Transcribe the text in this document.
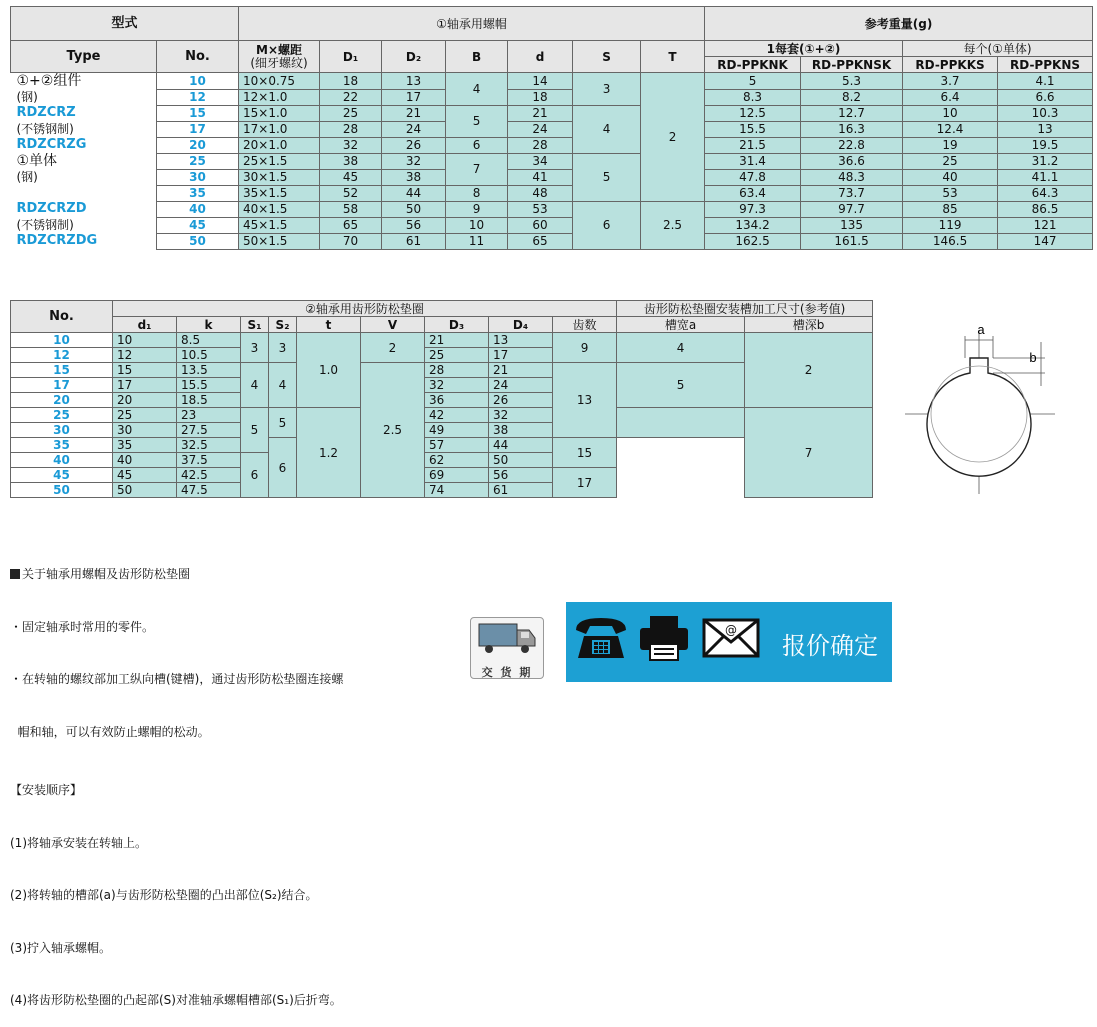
型式		①轴承用螺帽							参考重量(g)			
Type	No.	M×螺距
(细牙螺纹)	D₁	D₂	B	d	S	T	1每套(①+②)		每个(①单体)	
									RD-PPKNK	RD-PPKNSK	RD-PPKKS	RD-PPKNS
①+②组件	10	10×0.75	18	13	4	14	3	2	5	5.3	3.7	4.1
(钢)	12	12×1.0	22	17		18			8.3	8.2	6.4	6.6
RDZCRZ	15	15×1.0	25	21	5	21	4		12.5	12.7	10	10.3
(不锈钢制)	17	17×1.0	28	24		24			15.5	16.3	12.4	13
RDZCRZG	20	20×1.0	32	26	6	28			21.5	22.8	19	19.5
①单体	25	25×1.5	38	32	7	34	5		31.4	36.6	25	31.2
(钢)	30	30×1.5	45	38		41			47.8	48.3	40	41.1
	35	35×1.5	52	44	8	48			63.4	73.7	53	64.3
RDZCRZD	40	40×1.5	58	50	9	53	6	2.5	97.3	97.7	85	86.5
(不锈钢制)	45	45×1.5	65	56	10	60			134.2	135	119	121
RDZCRZDG	50	50×1.5	70	61	11	65			162.5	161.5	146.5	147
No.	②轴承用齿形防松垫圈									齿形防松垫圈安装槽加工尺寸(参考值)		
	d₁	k	S₁	S₂	t	V	D₃	D₄	齿数	槽宽a	槽深b	
10	10	8.5	3	3	1.0	2	21	13	9	4	2	
12	12	10.5					25	17				
15	15	13.5	4	4		2.5	28	21	13	5		
17	17	15.5					32	24				
20	20	18.5					36	26				
25	25	23	5	5	1.2		42	32			7	
30	30	27.5					49	38	
35	35	32.5		6			57	44	15			
40	40	37.5	6				62	50				
45	45	42.5					69	56	17			
50	50	47.5					74	61				
a
b

关于轴承用螺帽及齿形防松垫圈

・固定轴承时常用的零件。

・在转轴的螺纹部加工纵向槽(键槽)，通过齿形防松垫圈连接螺

帽和轴，可以有效防止螺帽的松动。

【安装顺序】

(1)将轴承安装在转轴上。

(2)将转轴的槽部(a)与齿形防松垫圈的凸出部位(S₂)结合。

(3)拧入轴承螺帽。

(4)将齿形防松垫圈的凸起部(S)对准轴承螺帽槽部(S₁)后折弯。

交 货 期
@
报价确定
